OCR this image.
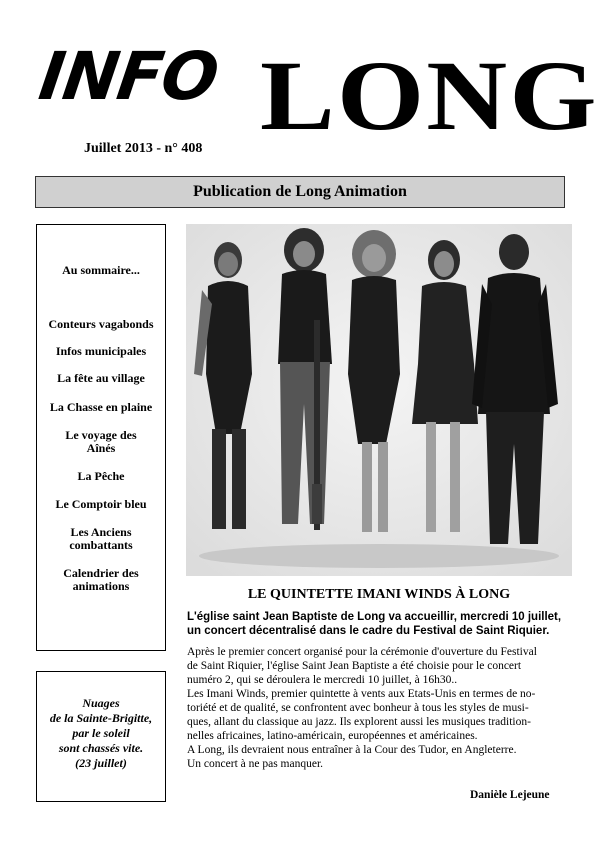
INFO LONG
Juillet 2013 - n° 408
Publication de Long Animation
Au sommaire...
Conteurs vagabonds
Infos municipales
La fête au village
La Chasse en plaine
Le voyage des Aînés
La Pêche
Le Comptoir bleu
Les Anciens combattants
Calendrier des animations
Nuages
de la Sainte-Brigitte,
par le soleil
sont chassés vite.
(23 juillet)
LE QUINTETTE IMANI WINDS À LONG
L'église saint Jean Baptiste de Long va accueillir, mercredi 10 juillet, un concert décentralisé dans le cadre du Festival de Saint Riquier.
Après le premier concert organisé pour la cérémonie d'ouverture du Festival
de Saint Riquier, l'église Saint Jean Baptiste a été choisie pour le concert
numéro 2, qui se déroulera le mercredi 10 juillet, à 16h30..
Les Imani Winds, premier quintette à vents aux Etats-Unis en termes de no-
toriété et de qualité, se confrontent avec bonheur à tous les styles de musi-
ques, allant du classique au jazz. Ils explorent aussi les musiques tradition-
nelles africaines, latino-américain, européennes et américaines.
A Long, ils devraient nous entraîner à la Cour des Tudor, en Angleterre.
Un concert à ne pas manquer.
Danièle Lejeune
